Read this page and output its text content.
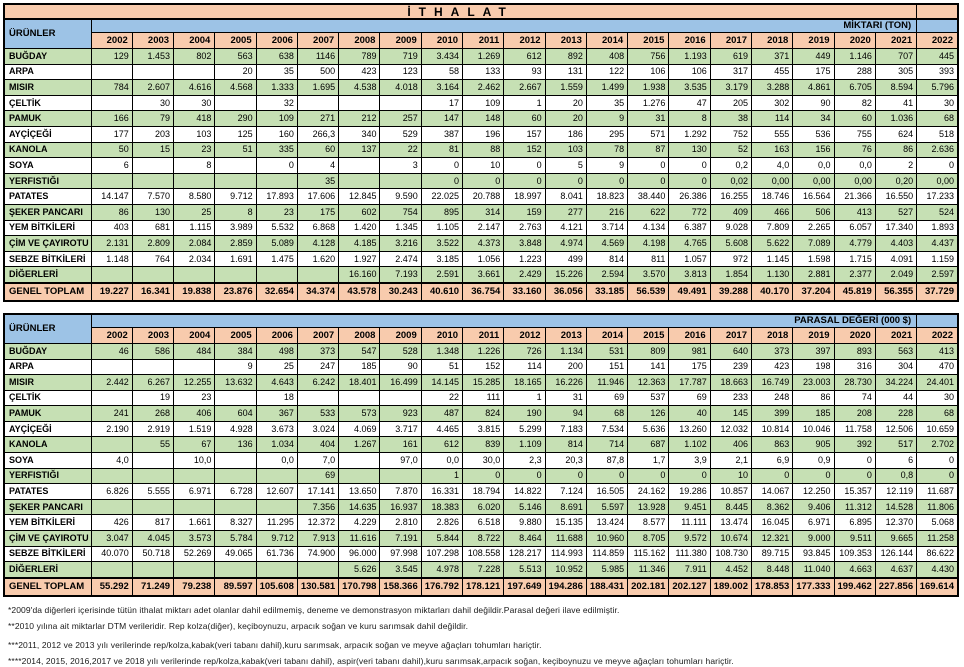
İTHALAT																					
ÜRÜNLER	MİKTARI (TON)																				
	2002	2003	2004	2005	2006	2007	2008	2009	2010	2011	2012	2013	2014	2015	2016	2017	2018	2019	2020	2021	2022
BUĞDAY	129	1.453	802	563	638	1146	789	719	3.434	1.269	612	892	408	756	1.193	619	371	449	1.146	707	445
ARPA				20	35	500	423	123	58	133	93	131	122	106	106	317	455	175	288	305	393
MISIR	784	2.607	4.616	4.568	1.333	1.695	4.538	4.018	3.164	2.462	2.667	1.559	1.499	1.938	3.535	3.179	3.288	4.861	6.705	8.594	5.796
ÇELTİK		30	30		32				17	109	1	20	35	1.276	47	205	302	90	82	41	30
PAMUK	166	79	418	290	109	271	212	257	147	148	60	20	9	31	8	38	114	34	60	1.036	68
AYÇİÇEĞİ	177	203	103	125	160	266,3	340	529	387	196	157	186	295	571	1.292	752	555	536	755	624	518
KANOLA	50	15	23	51	335	60	137	22	81	88	152	103	78	87	130	52	163	156	76	86	2.636
SOYA	6		8		0	4		3	0	10	0	5	9	0	0	0,2	4,0	0,0	0,0	2	0
YERFISTIĞI						35			0	0	0	0	0	0	0	0,02	0,00	0,00	0,00	0,20	0,00
PATATES	14.147	7.570	8.580	9.712	17.893	17.606	12.845	9.590	22.025	20.788	18.997	8.041	18.823	38.440	26.386	16.255	18.746	16.564	21.366	16.550	17.233
ŞEKER PANCARI	86	130	25	8	23	175	602	754	895	314	159	277	216	622	772	409	466	506	413	527	524
YEM BİTKİLERİ	403	681	1.115	3.989	5.532	6.868	1.420	1.345	1.105	2.147	2.763	4.121	3.714	4.134	6.387	9.028	7.809	2.265	6.057	17.340	1.893
ÇİM VE ÇAYIROTU	2.131	2.809	2.084	2.859	5.089	4.128	4.185	3.216	3.522	4.373	3.848	4.974	4.569	4.198	4.765	5.608	5.622	7.089	4.779	4.403	4.437
SEBZE BİTKİLERİ	1.148	764	2.034	1.691	1.475	1.620	1.927	2.474	3.185	1.056	1.223	499	814	811	1.057	972	1.145	1.598	1.715	4.091	1.159
DİĞERLERİ							16.160	7.193	2.591	3.661	2.429	15.226	2.594	3.570	3.813	1.854	1.130	2.881	2.377	2.049	2.597
GENEL TOPLAM	19.227	16.341	19.838	23.876	32.654	34.374	43.578	30.243	40.610	36.754	33.160	36.056	33.185	56.539	49.491	39.288	40.170	37.204	45.819	56.355	37.729
ÜRÜNLER	PARASAL DEĞERİ (000 $)																				
	2002	2003	2004	2005	2006	2007	2008	2009	2010	2011	2012	2013	2014	2015	2016	2017	2018	2019	2020	2021	2022
BUĞDAY	46	586	484	384	498	373	547	528	1.348	1.226	726	1.134	531	809	981	640	373	397	893	563	413
ARPA				9	25	247	185	90	51	152	114	200	151	141	175	239	423	198	316	304	470
MISIR	2.442	6.267	12.255	13.632	4.643	6.242	18.401	16.499	14.145	15.285	18.165	16.226	11.946	12.363	17.787	18.663	16.749	23.003	28.730	34.224	24.401
ÇELTİK		19	23		18				22	111	1	31	69	537	69	233	248	86	74	44	30
PAMUK	241	268	406	604	367	533	573	923	487	824	190	94	68	126	40	145	399	185	208	228	68
AYÇİÇEĞİ	2.190	2.919	1.519	4.928	3.673	3.024	4.069	3.717	4.465	3.815	5.299	7.183	7.534	5.636	13.260	12.032	10.814	10.046	11.758	12.506	10.659
KANOLA		55	67	136	1.034	404	1.267	161	612	839	1.109	814	714	687	1.102	406	863	905	392	517	2.702
SOYA	4,0		10,0		0,0	7,0		97,0	0,0	30,0	2,3	20,3	87,8	1,7	3,9	2,1	6,9	0,9	0	6	0
YERFISTIĞI						69			1	0	0	0	0	0	0	10	0	0	0	0,8	0
PATATES	6.826	5.555	6.971	6.728	12.607	17.141	13.650	7.870	16.331	18.794	14.822	7.124	16.505	24.162	19.286	10.857	14.067	12.250	15.357	12.119	11.687
ŞEKER PANCARI						7.356	14.635	16.937	18.383	6.020	5.146	8.691	5.597	13.928	9.451	8.445	8.362	9.406	11.312	14.528	11.806
YEM BİTKİLERİ	426	817	1.661	8.327	11.295	12.372	4.229	2.810	2.826	6.518	9.880	15.135	13.424	8.577	11.111	13.474	16.045	6.971	6.895	12.370	5.068
ÇİM VE ÇAYIROTU	3.047	4.045	3.573	5.784	9.712	7.913	11.616	7.191	5.844	8.722	8.464	11.688	10.960	8.705	9.572	10.674	12.321	9.000	9.511	9.665	11.258
SEBZE BİTKİLERİ	40.070	50.718	52.269	49.065	61.736	74.900	96.000	97.998	107.298	108.558	128.217	114.993	114.859	115.162	111.380	108.730	89.715	93.845	109.353	126.144	86.622
DİĞERLERİ							5.626	3.545	4.978	7.228	5.513	10.952	5.985	11.346	7.911	4.452	8.448	11.040	4.663	4.637	4.430
GENEL TOPLAM	55.292	71.249	79.238	89.597	105.608	130.581	170.798	158.366	176.792	178.121	197.649	194.286	188.431	202.181	202.127	189.002	178.853	177.333	199.462	227.856	169.614
*2009'da diğerleri içerisinde tütün ithalat miktarı adet olanlar dahil edilmemiş, deneme ve demonstrasyon miktarları dahil değildir.Parasal değeri ilave edilmiştir.
**2010 yılına ait miktarlar DTM verileridir. Rep kolza(diğer), keçiboynuzu, arpacık soğan ve kuru sarımsak dahil değildir.
***2011, 2012 ve 2013 yılı verilerinde rep/kolza,kabak(veri tabanı dahil),kuru sarımsak, arpacık soğan ve meyve ağaçları tohumları hariçtir.
****2014, 2015, 2016,2017 ve 2018 yılı verilerinde rep/kolza,kabak(veri tabanı dahil), aspir(veri tabanı dahil),kuru sarımsak,arpacık soğan, keçiboynuzu ve meyve ağaçları tohumları hariçtir.
